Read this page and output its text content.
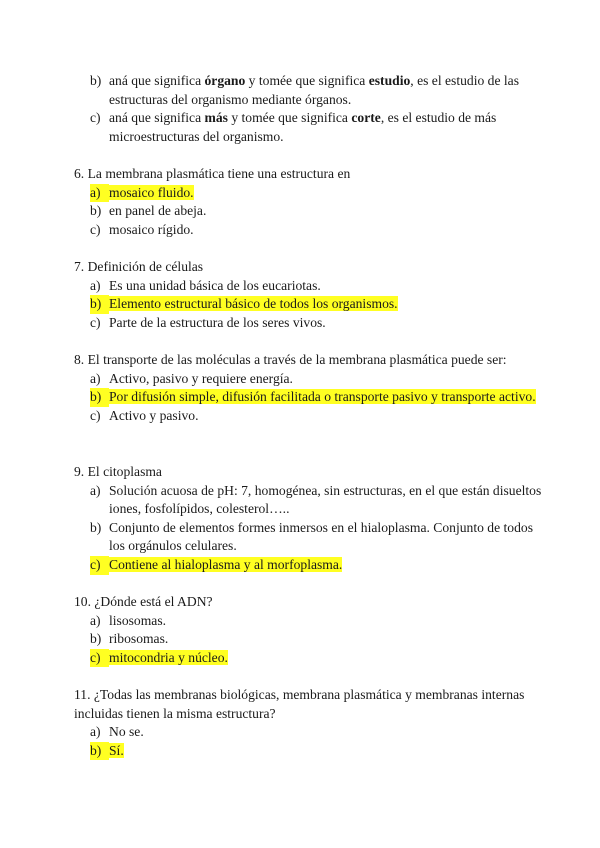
b) aná que significa órgano y tomée que significa estudio, es el estudio de las estructuras del organismo mediante órganos.
c) aná que significa más y tomée que significa corte, es el estudio de más microestructuras del organismo.

6. La membrana plasmática tiene una estructura en

a) mosaico fluido.
b) en panel de abeja.
c) mosaico rígido.

7. Definición de células

a) Es una unidad básica de los eucariotas.
b) Elemento estructural básico de todos los organismos.
c) Parte de la estructura de los seres vivos.

8. El transporte de las moléculas a través de la membrana plasmática puede ser:

a) Activo, pasivo y requiere energía.
b) Por difusión simple, difusión facilitada o transporte pasivo y transporte activo.
c) Activo y pasivo.

9. El citoplasma

a) Solución acuosa de pH: 7, homogénea, sin estructuras, en el que están disueltos iones, fosfolípidos, colesterol…..
b) Conjunto de elementos formes inmersos en el hialoplasma. Conjunto de todos los orgánulos celulares.
c) Contiene al hialoplasma y al morfoplasma.

10. ¿Dónde está el ADN?

a) lisosomas.
b) ribosomas.
c) mitocondria y núcleo.

11. ¿Todas las membranas biológicas, membrana plasmática y membranas internas incluidas tienen la misma estructura?

a) No se.
b) Sí.
